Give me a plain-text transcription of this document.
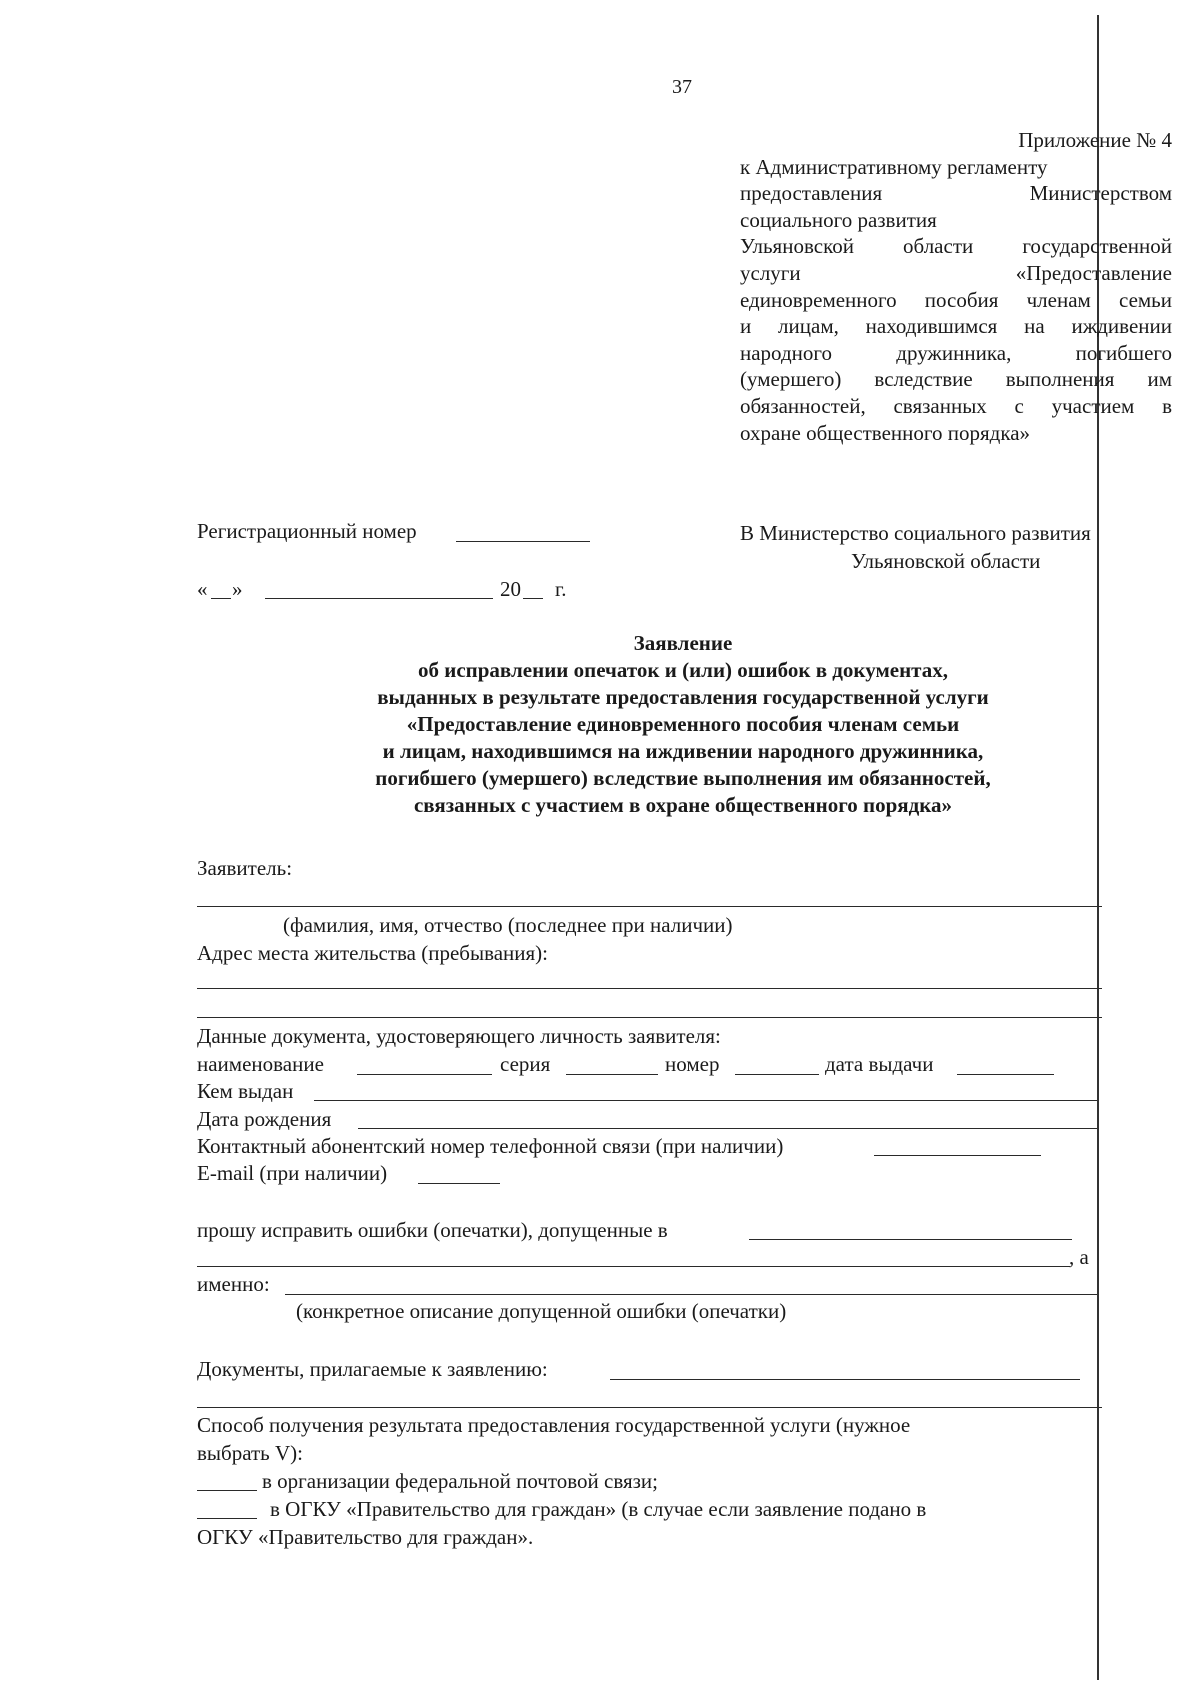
37
Приложение № 4
к Административному регламенту
предоставления Министерством
социального развития
Ульяновской области государственной
услуги «Предоставление
единовременного пособия членам семьи
и лицам, находившимся на иждивении
народного дружинника, погибшего
(умершего) вследствие выполнения им
обязанностей, связанных с участием в
охране общественного порядка»
Регистрационный номер
« »	20 г.
В Министерство социального развития
Ульяновской области
Заявление
об исправлении опечаток и (или) ошибок в документах,
выданных в результате предоставления государственной услуги
«Предоставление единовременного пособия членам семьи
и лицам, находившимся на иждивении народного дружинника,
погибшего (умершего) вследствие выполнения им обязанностей,
связанных с участием в охране общественного порядка»
Заявитель:
(фамилия, имя, отчество (последнее при наличии)
Адрес места жительства (пребывания):
Данные документа, удостоверяющего личность заявителя:
наименование	серия	номер	дата выдачи
Кем выдан
Дата рождения
Контактный абонентский номер телефонной связи (при наличии)
E-mail (при наличии)
прошу исправить ошибки (опечатки), допущенные в
, а
именно:
(конкретное описание допущенной ошибки (опечатки)
Документы, прилагаемые к заявлению:
Способ получения результата предоставления государственной услуги (нужное
выбрать V):
в организации федеральной почтовой связи;
в ОГКУ «Правительство для граждан» (в случае если заявление подано в
ОГКУ «Правительство для граждан».
